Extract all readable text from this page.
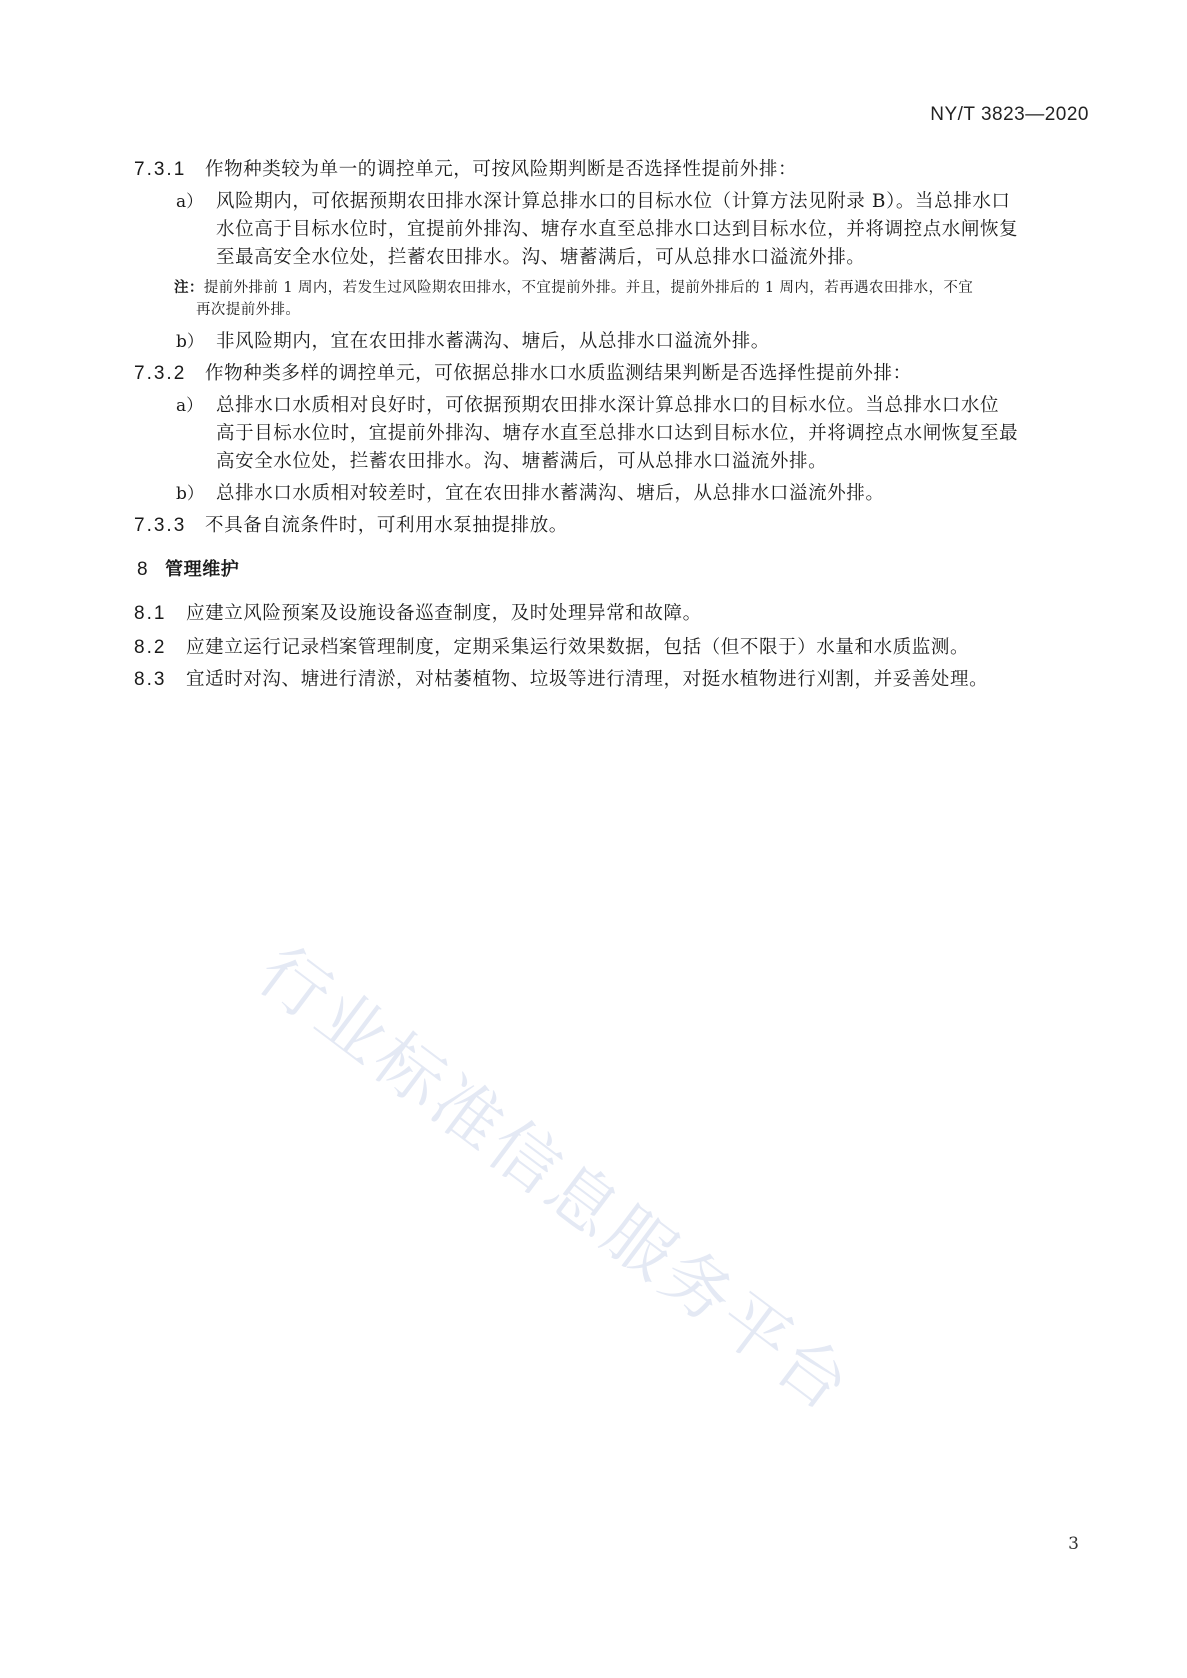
NY/T 3823—2020
7.3.1 作物种类较为单一的调控单元，可按风险期判断是否选择性提前外排：
a） 风险期内，可依据预期农田排水深计算总排水口的目标水位（计算方法见附录 B）。当总排水口
水位高于目标水位时，宜提前外排沟、塘存水直至总排水口达到目标水位，并将调控点水闸恢复
至最高安全水位处，拦蓄农田排水。沟、塘蓄满后，可从总排水口溢流外排。
注：提前外排前 1 周内，若发生过风险期农田排水，不宜提前外排。并且，提前外排后的 1 周内，若再遇农田排水，不宜
再次提前外排。
b） 非风险期内，宜在农田排水蓄满沟、塘后，从总排水口溢流外排。
7.3.2 作物种类多样的调控单元，可依据总排水口水质监测结果判断是否选择性提前外排：
a） 总排水口水质相对良好时，可依据预期农田排水深计算总排水口的目标水位。当总排水口水位
高于目标水位时，宜提前外排沟、塘存水直至总排水口达到目标水位，并将调控点水闸恢复至最
高安全水位处，拦蓄农田排水。沟、塘蓄满后，可从总排水口溢流外排。
b） 总排水口水质相对较差时，宜在农田排水蓄满沟、塘后，从总排水口溢流外排。
7.3.3 不具备自流条件时，可利用水泵抽提排放。
8 管理维护
8.1 应建立风险预案及设施设备巡查制度，及时处理异常和故障。
8.2 应建立运行记录档案管理制度，定期采集运行效果数据，包括（但不限于）水量和水质监测。
8.3 宜适时对沟、塘进行清淤，对枯萎植物、垃圾等进行清理，对挺水植物进行刈割，并妥善处理。
行业标准信息服务平台
3
